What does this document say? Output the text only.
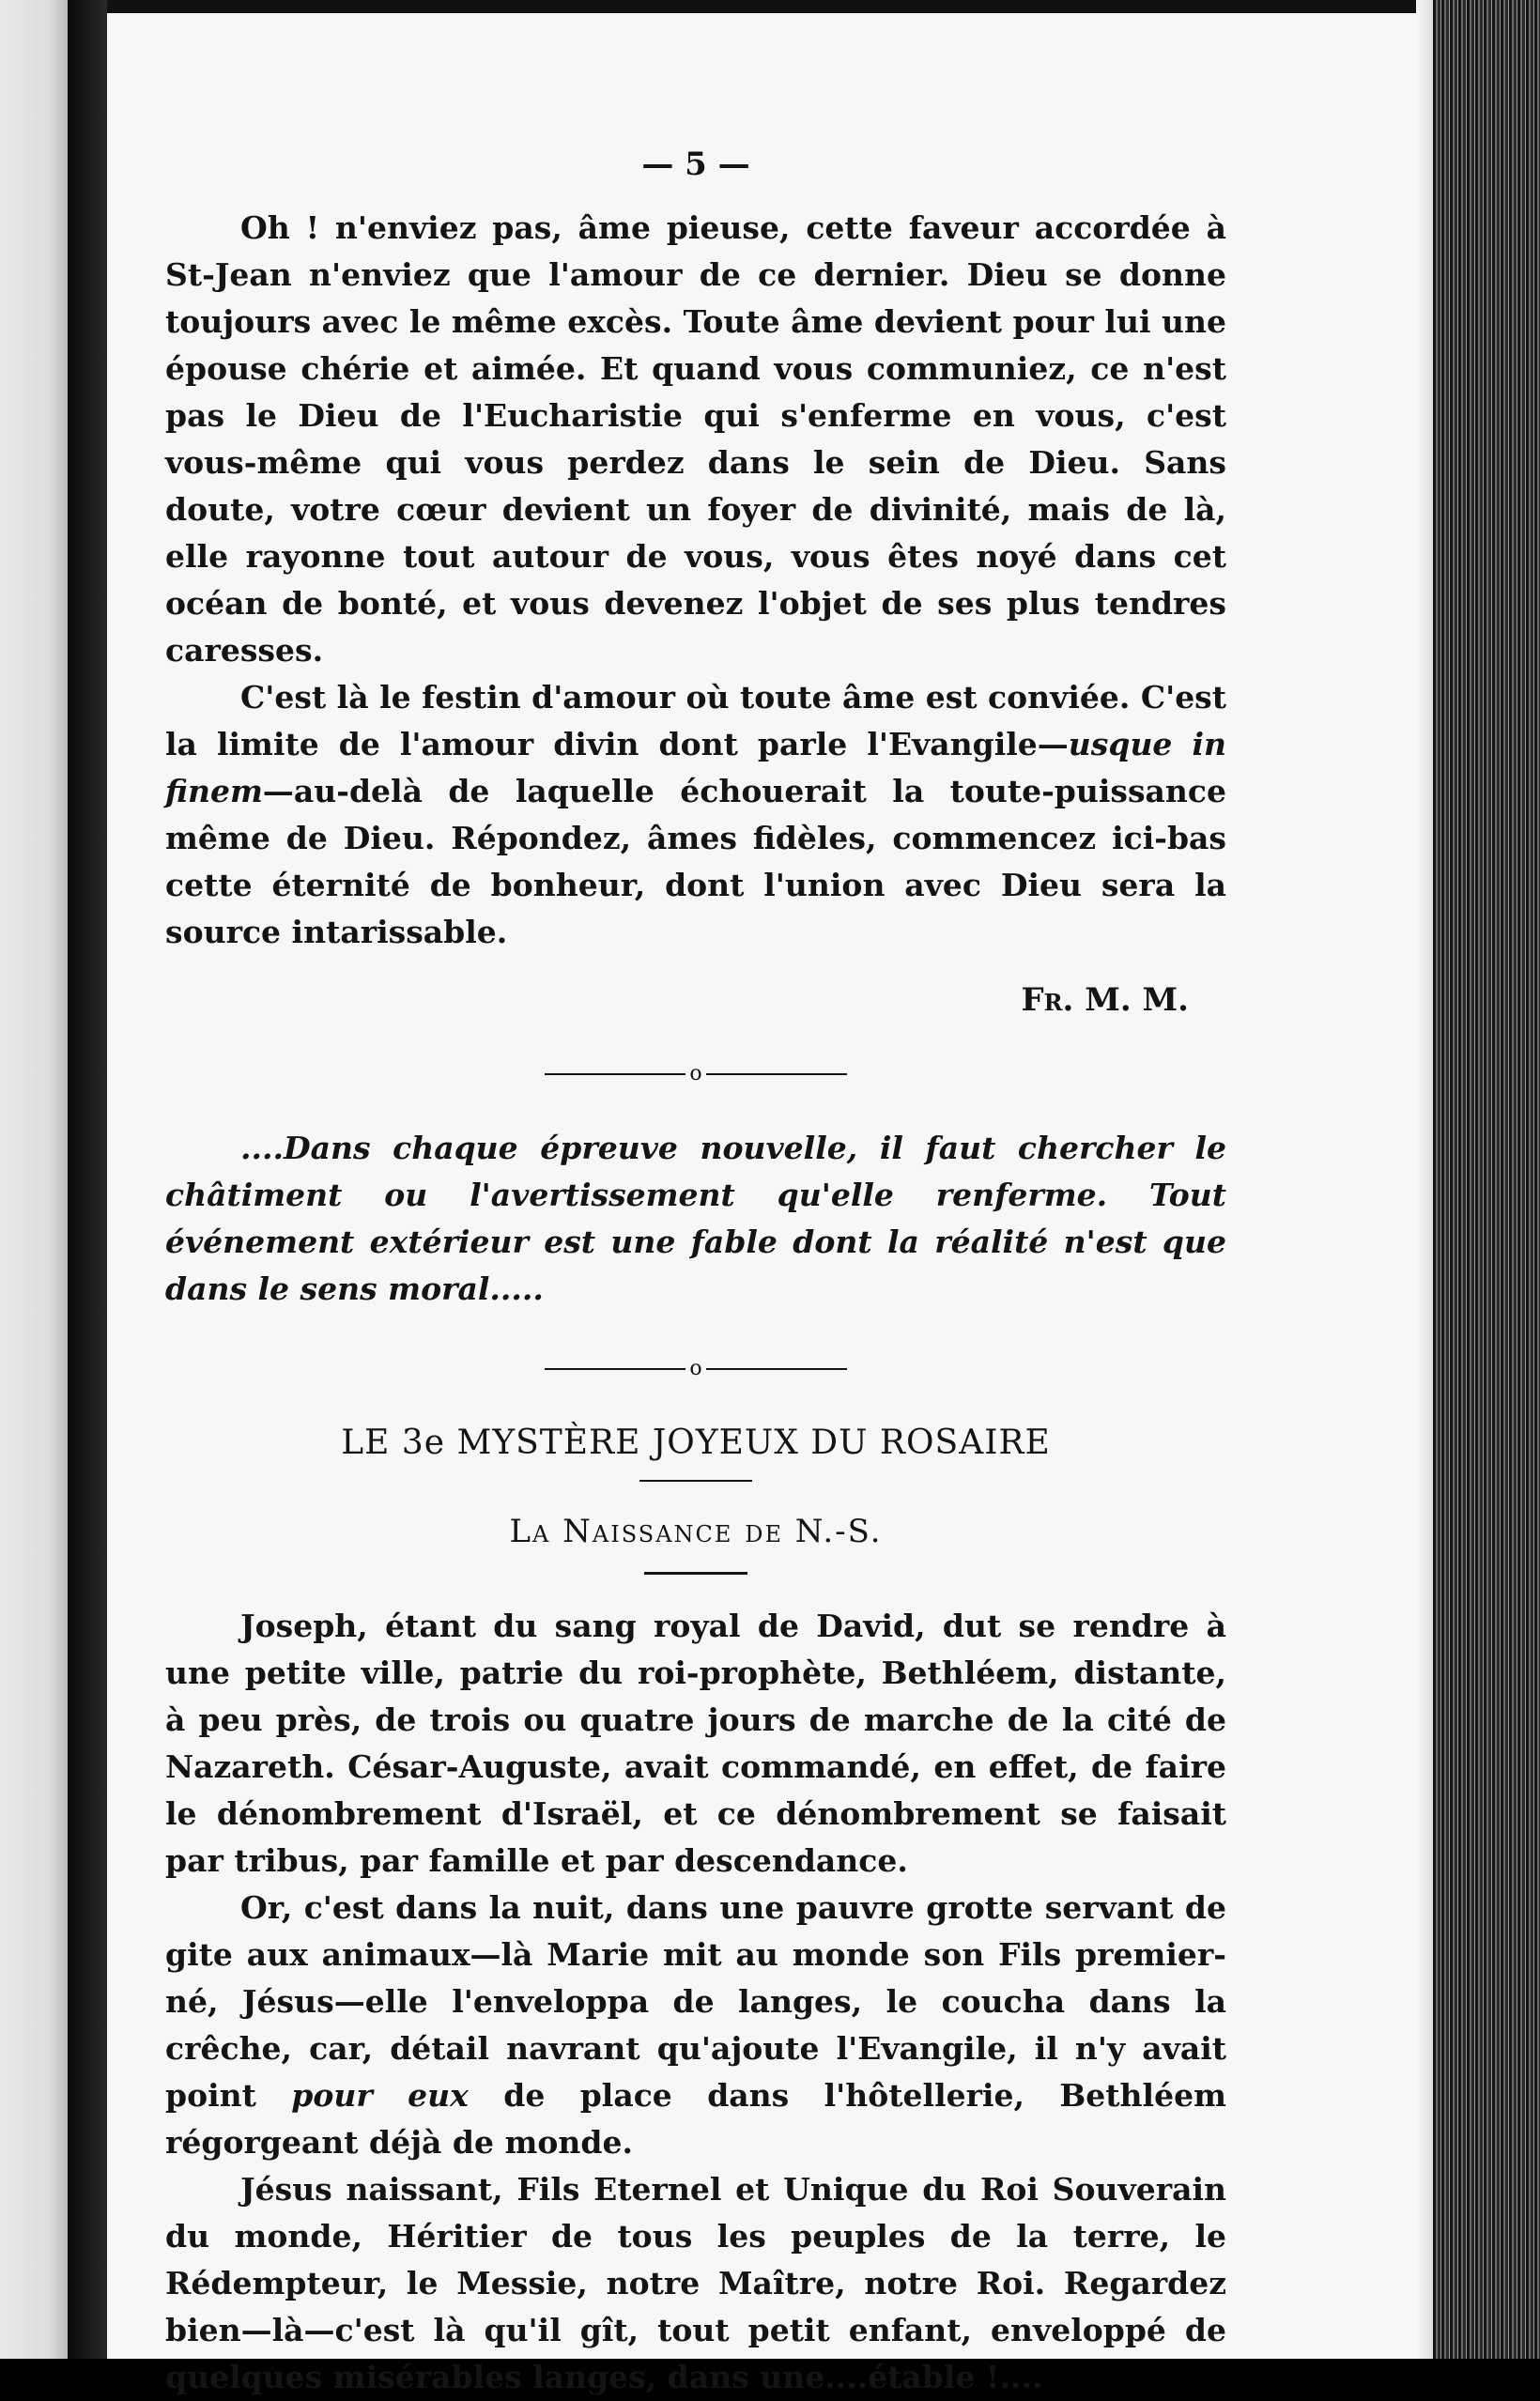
— 5 —

Oh ! n'enviez pas, âme pieuse, cette faveur accordée à St-Jean n'enviez que l'amour de ce dernier. Dieu se donne toujours avec le même excès. Toute âme devient pour lui une épouse chérie et aimée. Et quand vous communiez, ce n'est pas le Dieu de l'Eucharistie qui s'enferme en vous, c'est vous-même qui vous perdez dans le sein de Dieu. Sans doute, votre cœur devient un foyer de divinité, mais de là, elle rayonne tout autour de vous, vous êtes noyé dans cet océan de bonté, et vous devenez l'objet de ses plus tendres caresses.

C'est là le festin d'amour où toute âme est conviée. C'est la limite de l'amour divin dont parle l'Evangile—usque in finem—au-delà de laquelle échouerait la toute-puissance même de Dieu. Répondez, âmes fidèles, commencez ici-bas cette éternité de bonheur, dont l'union avec Dieu sera la source intarissable.

Fr. M. M.
o
....Dans chaque épreuve nouvelle, il faut chercher le châtiment ou l'avertissement qu'elle renferme. Tout événement extérieur est une fable dont la réalité n'est que dans le sens moral.....
o
LE 3e MYSTÈRE JOYEUX DU ROSAIRE
La Naissance de N.-S.

Joseph, étant du sang royal de David, dut se rendre à une petite ville, patrie du roi-prophète, Bethléem, distante, à peu près, de trois ou quatre jours de marche de la cité de Nazareth. César-Auguste, avait commandé, en effet, de faire le dénombrement d'Israël, et ce dénombrement se faisait par tribus, par famille et par descendance.

Or, c'est dans la nuit, dans une pauvre grotte servant de gite aux animaux—là Marie mit au monde son Fils premier-né, Jésus—elle l'enveloppa de langes, le coucha dans la crêche, car, détail navrant qu'ajoute l'Evangile, il n'y avait point pour eux de place dans l'hôtellerie, Bethléem régorgeant déjà de monde.

Jésus naissant, Fils Eternel et Unique du Roi Souverain du monde, Héritier de tous les peuples de la terre, le Rédempteur, le Messie, notre Maître, notre Roi. Regardez bien—là—c'est là qu'il gît, tout petit enfant, enveloppé de quelques misérables langes, dans une....étable !....
